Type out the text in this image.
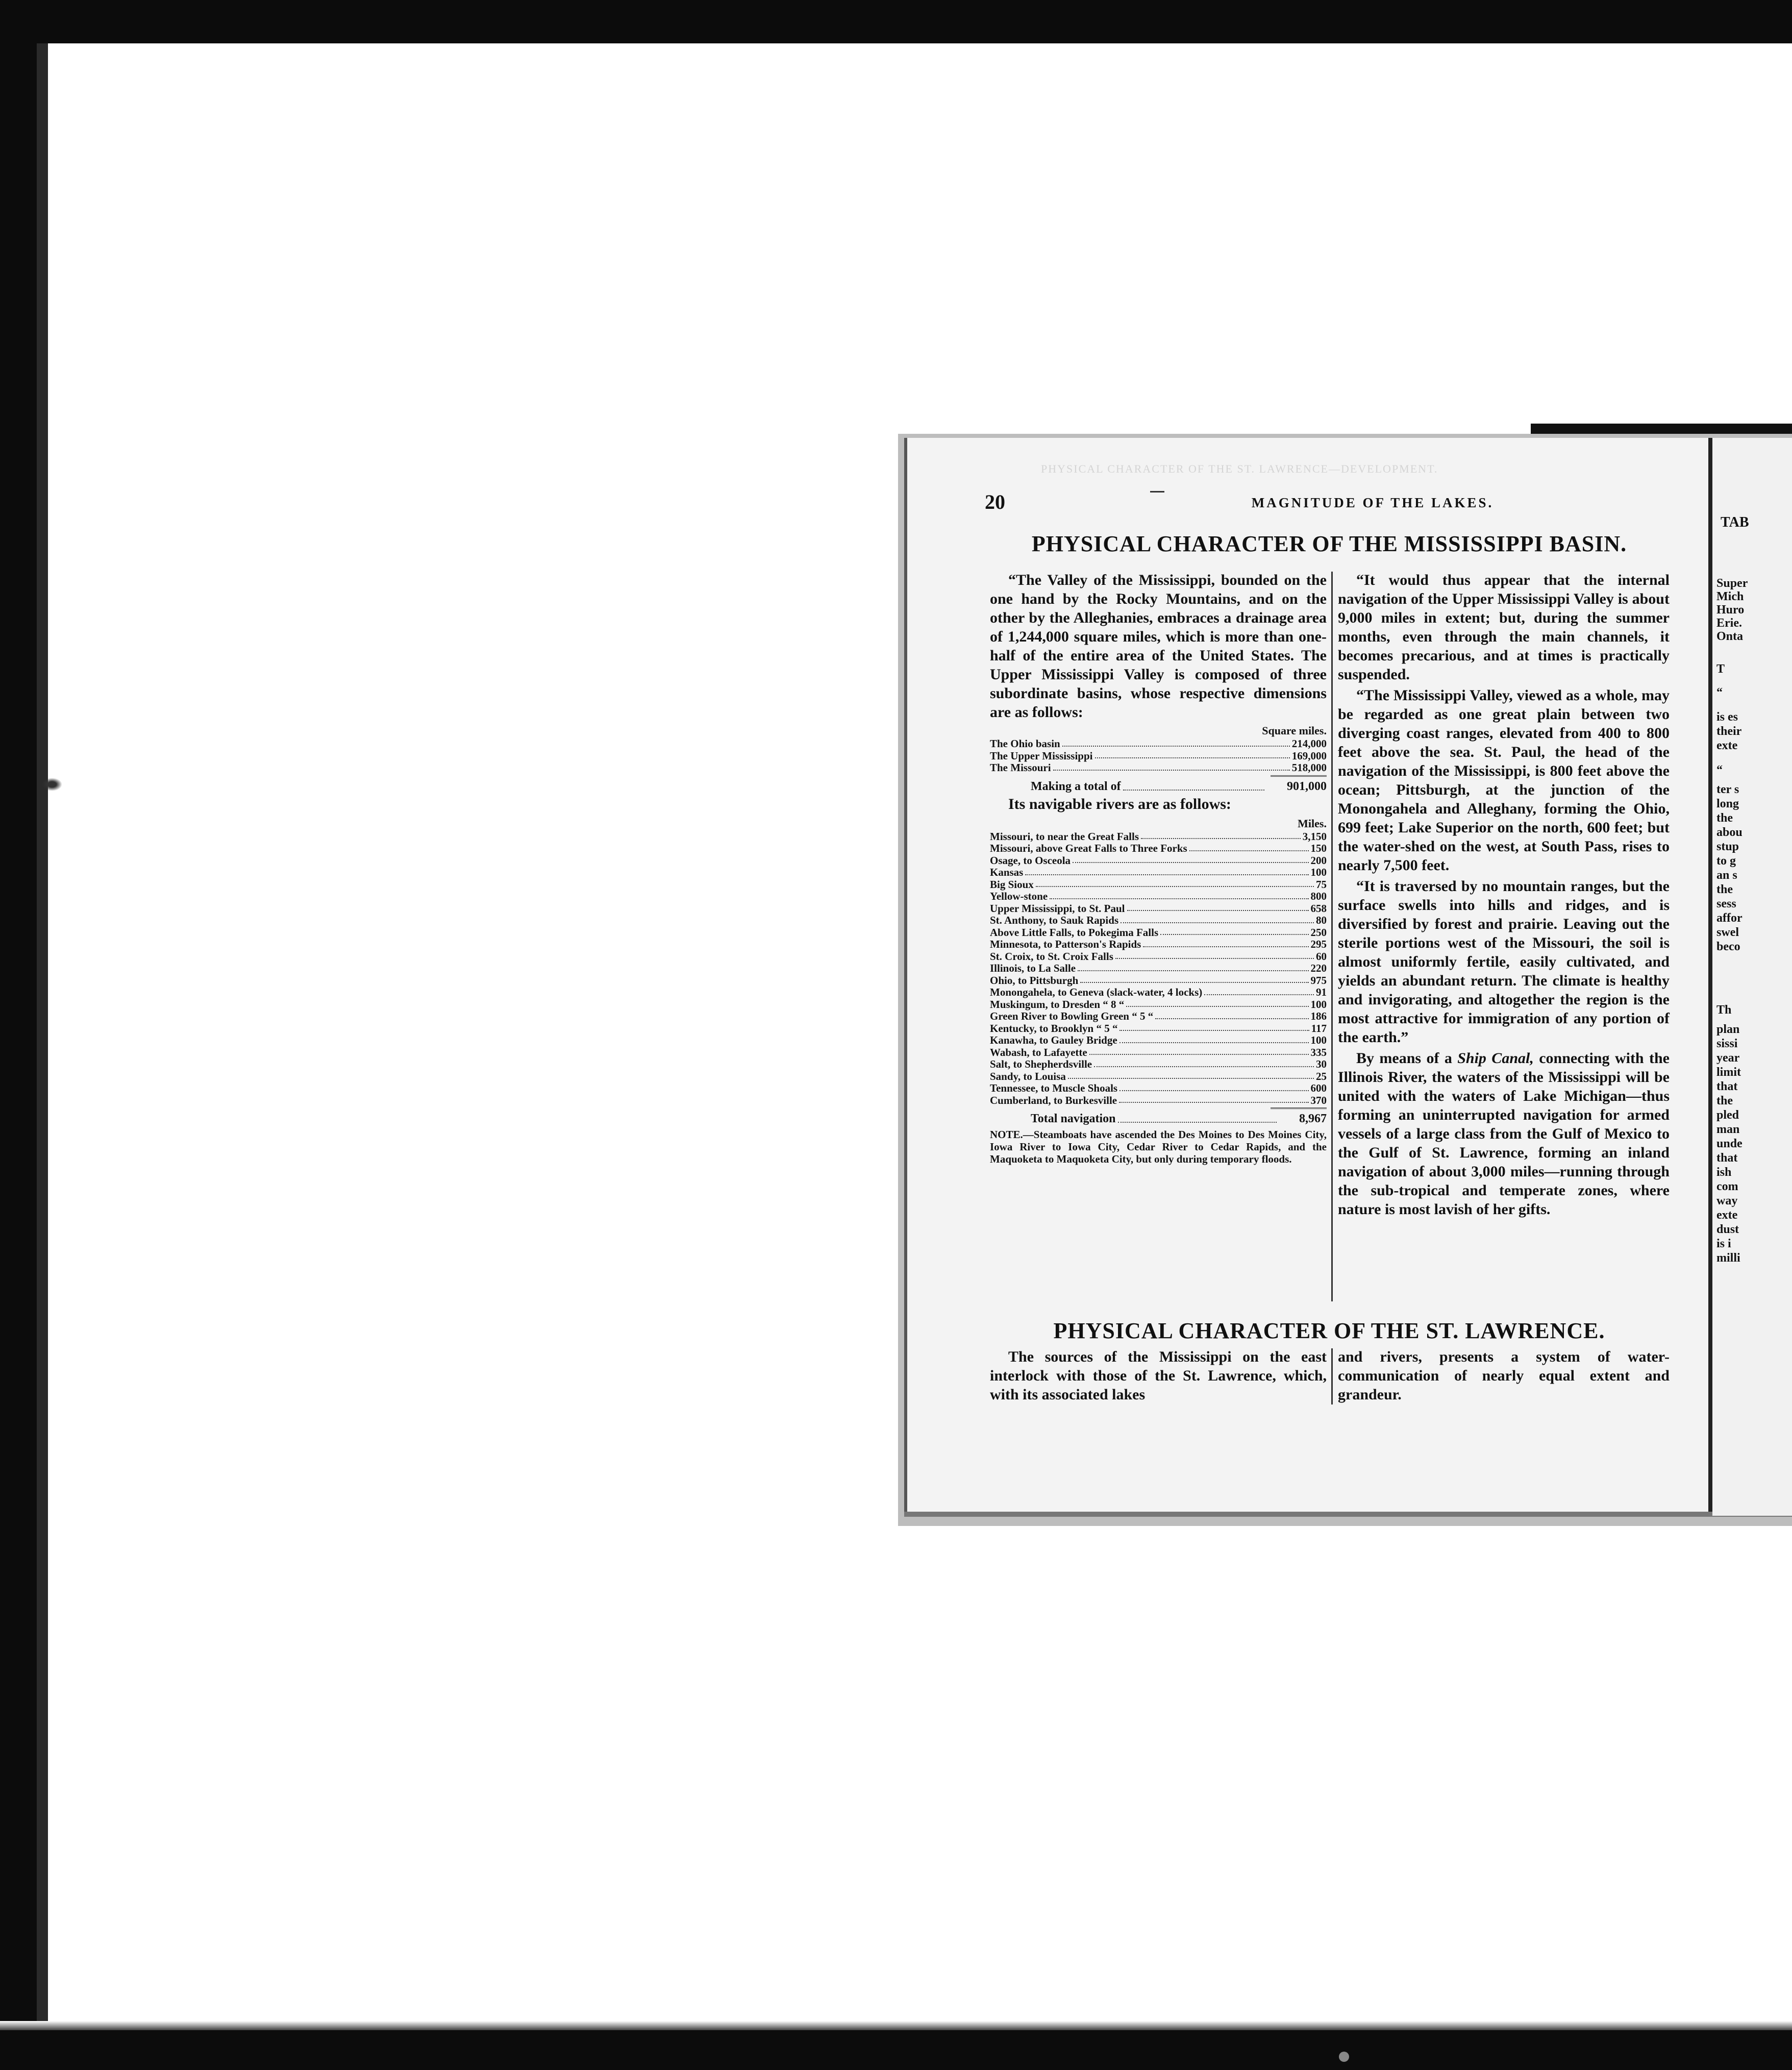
TAB
Super
Mich
Huro
Erie.
Onta
T
“
is es
their
exte
“
ter s
long
the
abou
stup
to g
an s
the
sess
affor
swel
beco
Th
plan
sissi
year
limit
that
the
pled
man
unde
that
ish
com
way
exte
dust
is i
milli
PHYSICAL CHARACTER OF THE ST. LAWRENCE—DEVELOPMENT.
20	MAGNITUDE OF THE LAKES.
PHYSICAL CHARACTER OF THE MISSISSIPPI BASIN.

“The Valley of the Mississippi, bounded on the one hand by the Rocky Mountains, and on the other by the Alleghanies, embraces a drainage area of 1,244,000 square miles, which is more than one-half of the entire area of the United States. The Upper Mississippi Valley is composed of three subordinate basins, whose respective dimensions are as follows:

Square miles.
The Ohio basin	214,000
The Upper Mississippi	169,000
The Missouri	518,000
Making a total of	901,000
Its navigable rivers are as follows:
Miles.
Missouri, to near the Great Falls	3,150
Missouri, above Great Falls to Three Forks	150
Osage, to Osceola	200
Kansas	100
Big Sioux	75
Yellow-stone	800
Upper Mississippi, to St. Paul	658
St. Anthony, to Sauk Rapids	80
Above Little Falls, to Pokegima Falls	250
Minnesota, to Patterson's Rapids	295
St. Croix, to St. Croix Falls	60
Illinois, to La Salle	220
Ohio, to Pittsburgh	975
Monongahela, to Geneva (slack-water, 4 locks)	91
Muskingum, to Dresden “ 8 “	100
Green River to Bowling Green “ 5 “	186
Kentucky, to Brooklyn “ 5 “	117
Kanawha, to Gauley Bridge	100
Wabash, to Lafayette	335
Salt, to Shepherdsville	30
Sandy, to Louisa	25
Tennessee, to Muscle Shoals	600
Cumberland, to Burkesville	370
Total navigation	8,967
NOTE.—Steamboats have ascended the Des Moines to Des Moines City, Iowa River to Iowa City, Cedar River to Cedar Rapids, and the Maquoketa to Maquoketa City, but only during temporary floods.

“It would thus appear that the internal navigation of the Upper Mississippi Valley is about 9,000 miles in extent; but, during the summer months, even through the main channels, it becomes precarious, and at times is practically suspended.

“The Mississippi Valley, viewed as a whole, may be regarded as one great plain between two diverging coast ranges, elevated from 400 to 800 feet above the sea. St. Paul, the head of the navigation of the Mississippi, is 800 feet above the ocean; Pittsburgh, at the junction of the Monongahela and Alleghany, forming the Ohio, 699 feet; Lake Superior on the north, 600 feet; but the water-shed on the west, at South Pass, rises to nearly 7,500 feet.

“It is traversed by no mountain ranges, but the surface swells into hills and ridges, and is diversified by forest and prairie. Leaving out the sterile portions west of the Missouri, the soil is almost uniformly fertile, easily cultivated, and yields an abundant return. The climate is healthy and invigorating, and altogether the region is the most attractive for immigration of any portion of the earth.”

By means of a Ship Canal, connecting with the Illinois River, the waters of the Mississippi will be united with the waters of Lake Michigan—thus forming an uninterrupted navigation for armed vessels of a large class from the Gulf of Mexico to the Gulf of St. Lawrence, forming an inland navigation of about 3,000 miles—running through the sub-tropical and temperate zones, where nature is most lavish of her gifts.

PHYSICAL CHARACTER OF THE ST. LAWRENCE.
The sources of the Mississippi on the east interlock with those of the St. Lawrence, which, with its associated lakes
and rivers, presents a system of water-communication of nearly equal extent and grandeur.
